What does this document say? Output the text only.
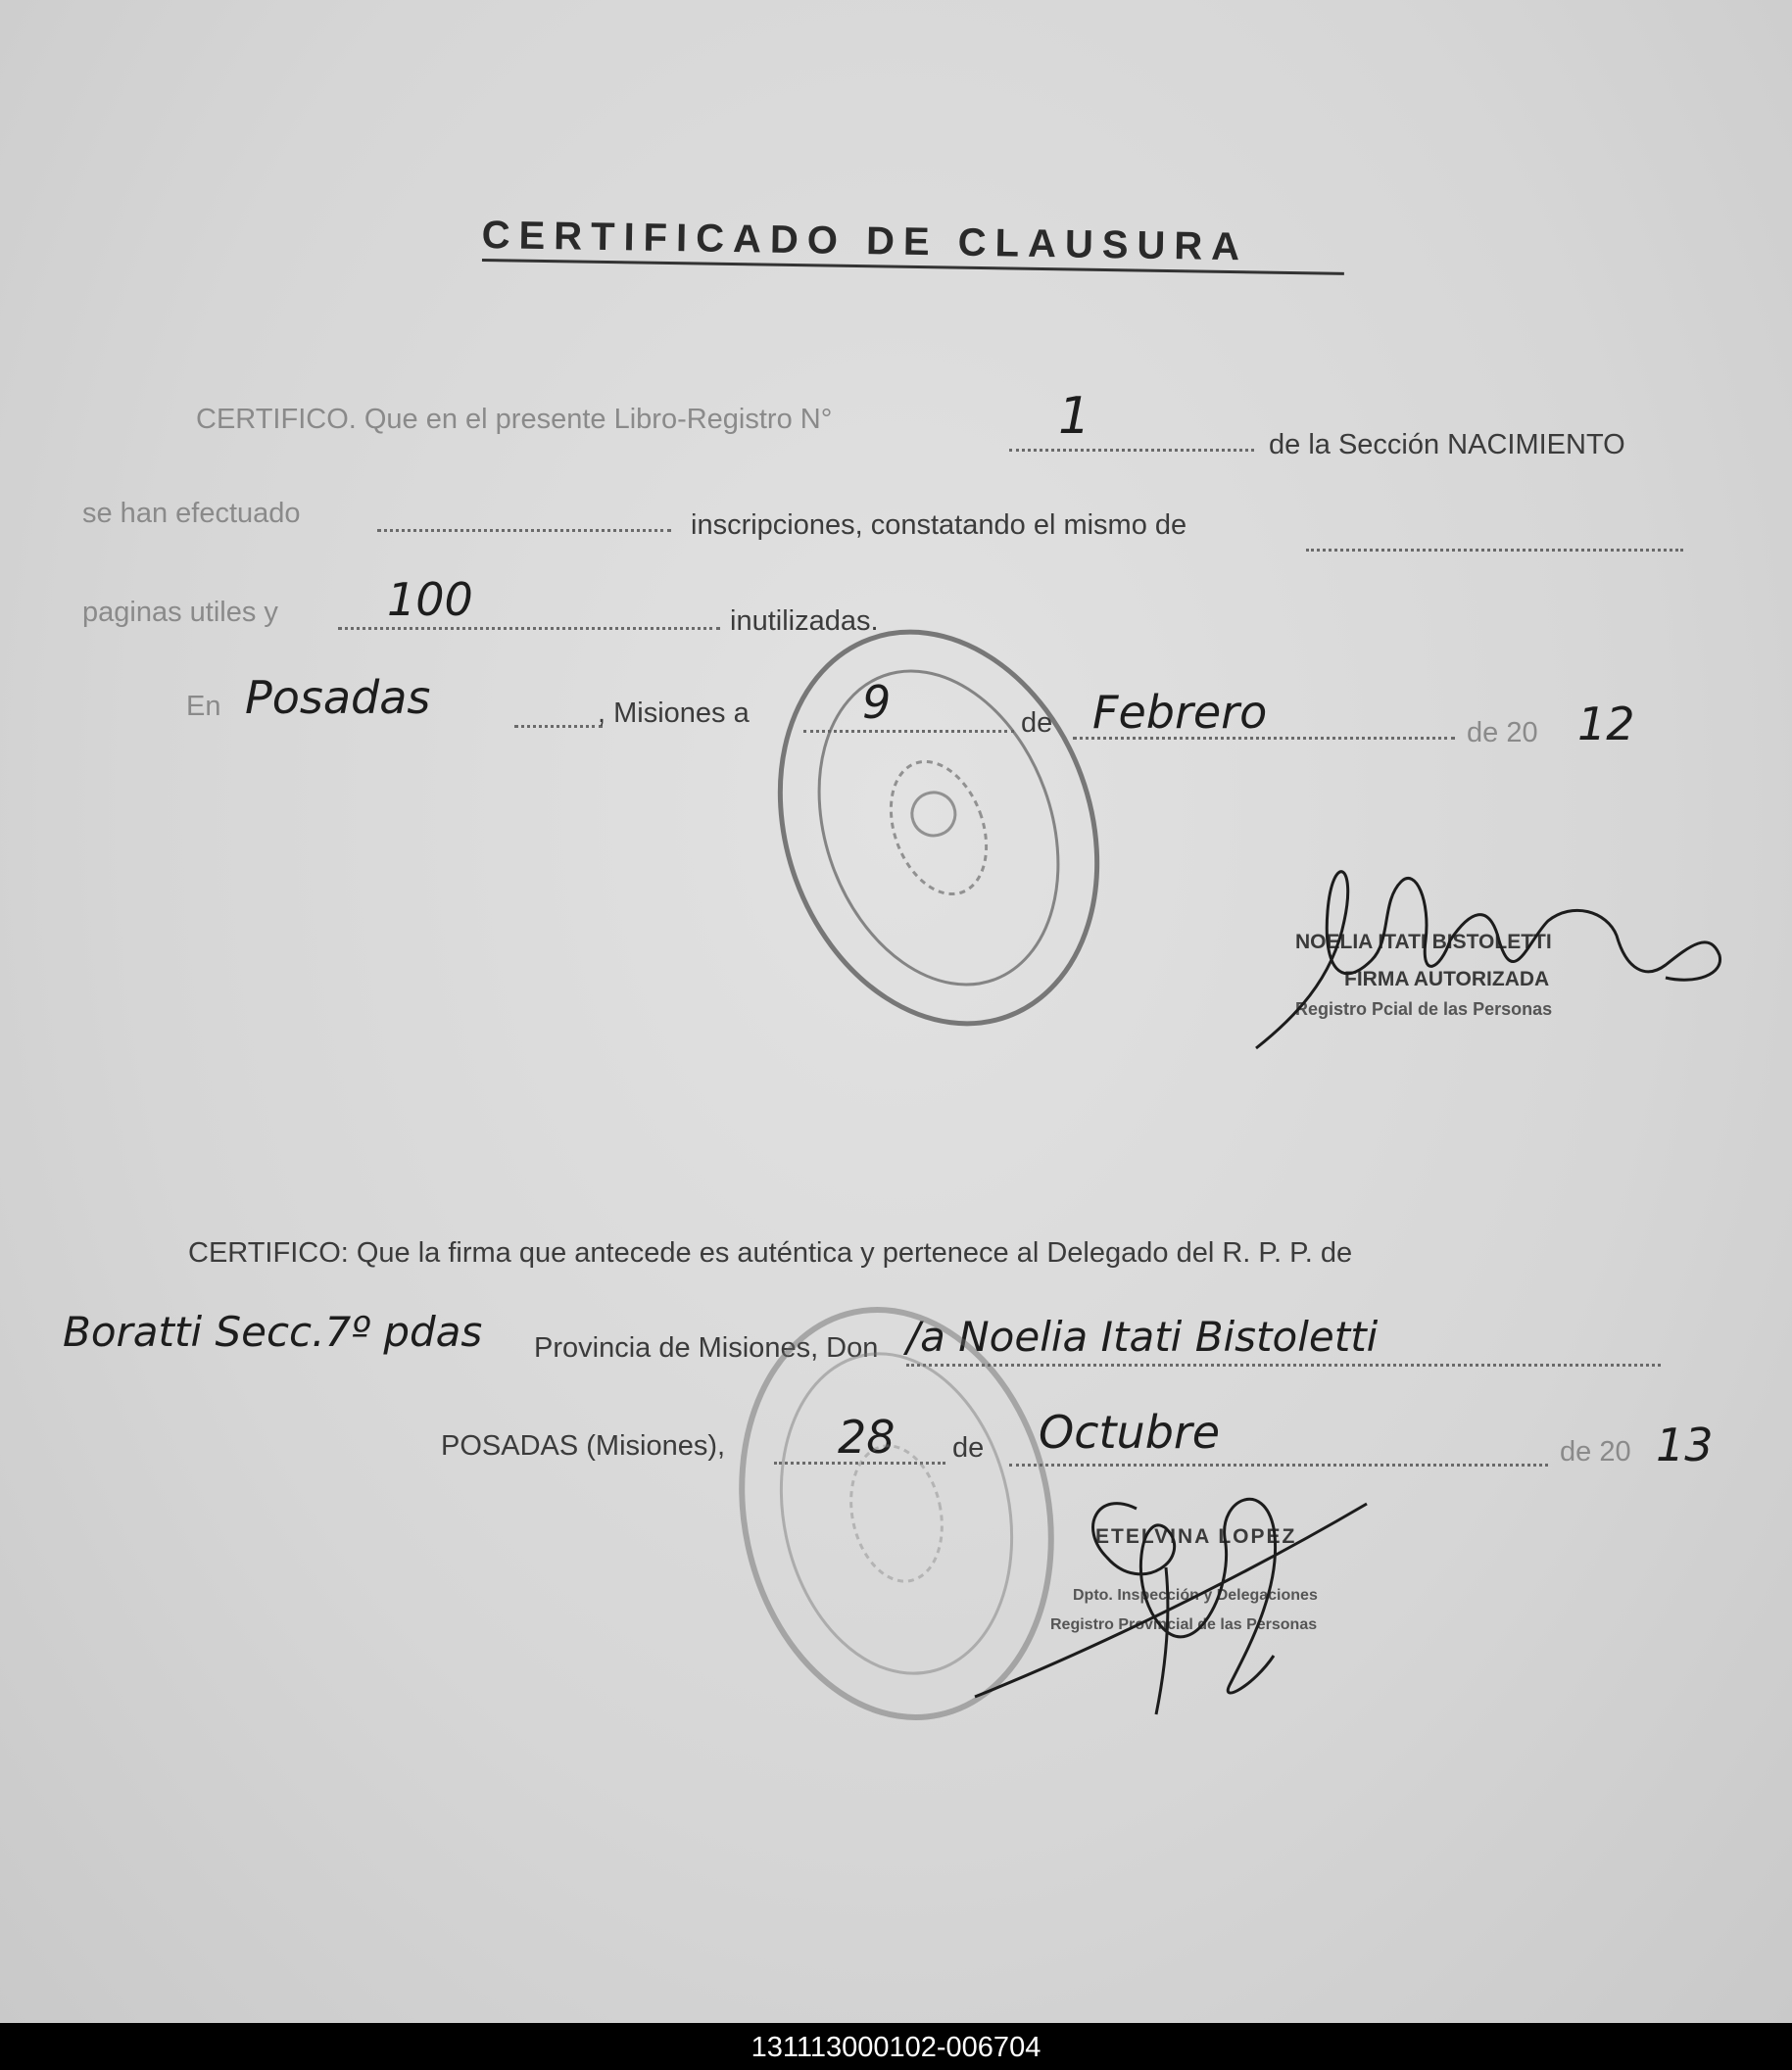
CERTIFICADO DE CLAUSURA
CERTIFICO. Que en el presente Libro-Registro N°	1	de la Sección NACIMIENTO
se han efectuado	inscripciones, constatando el mismo de
paginas utiles y 100	inutilizadas.
En Posadas	, Misiones a	9	de Febrero	de 20 12
NOELIA ITATI BISTOLETTI
FIRMA AUTORIZADA
Registro Pcial de las Personas
CERTIFICO: Que la firma que antecede es auténtica y pertenece al Delegado del R. P. P. de
Boratti Secc.7º pdas Provincia de Misiones, Don /a Noelia Itati Bistoletti
POSADAS (Misiones), 28 de Octubre	de 20 13
ETELVINA LOPEZ
Dpto. Inspección y Delegaciones
Registro Provincial de las Personas
131113000102-006704
